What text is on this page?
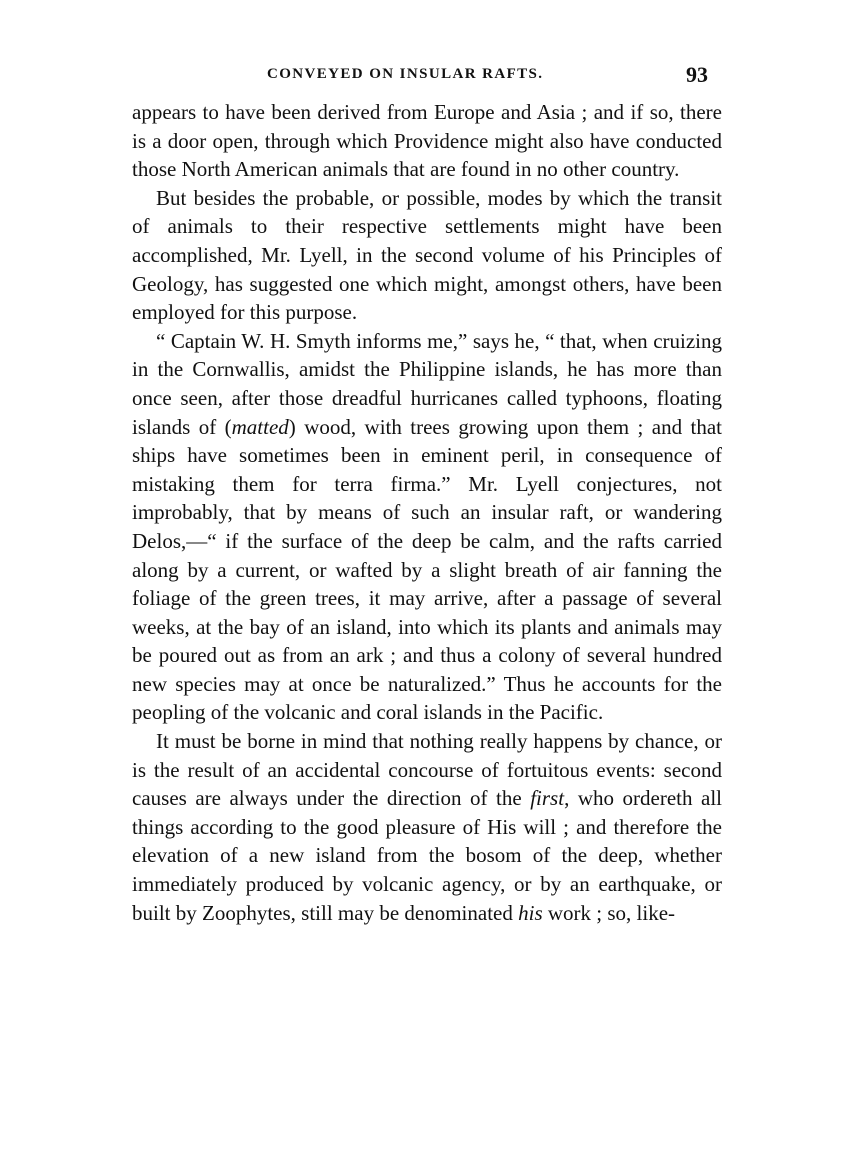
CONVEYED ON INSULAR RAFTS.	93

appears to have been derived from Europe and Asia ; and if so, there is a door open, through which Providence might also have conducted those North American animals that are found in no other country.

But besides the probable, or possible, modes by which the transit of animals to their respective settlements might have been accomplished, Mr. Lyell, in the second volume of his Principles of Geology, has suggested one which might, amongst others, have been employed for this purpose.

“ Captain W. H. Smyth informs me,” says he, “ that, when cruizing in the Cornwallis, amidst the Philippine islands, he has more than once seen, after those dreadful hurricanes called typhoons, floating islands of (matted) wood, with trees growing upon them ; and that ships have sometimes been in eminent peril, in consequence of mistaking them for terra firma.” Mr. Lyell conjectures, not improbably, that by means of such an insular raft, or wandering Delos,—“ if the surface of the deep be calm, and the rafts carried along by a current, or wafted by a slight breath of air fanning the foliage of the green trees, it may arrive, after a passage of several weeks, at the bay of an island, into which its plants and animals may be poured out as from an ark ; and thus a colony of several hundred new species may at once be naturalized.” Thus he accounts for the peopling of the volcanic and coral islands in the Pacific.

It must be borne in mind that nothing really happens by chance, or is the result of an accidental concourse of fortuitous events: second causes are always under the direction of the first, who ordereth all things according to the good pleasure of His will ; and therefore the elevation of a new island from the bosom of the deep, whether immediately produced by volcanic agency, or by an earthquake, or built by Zoophytes, still may be denominated his work ; so, like-
